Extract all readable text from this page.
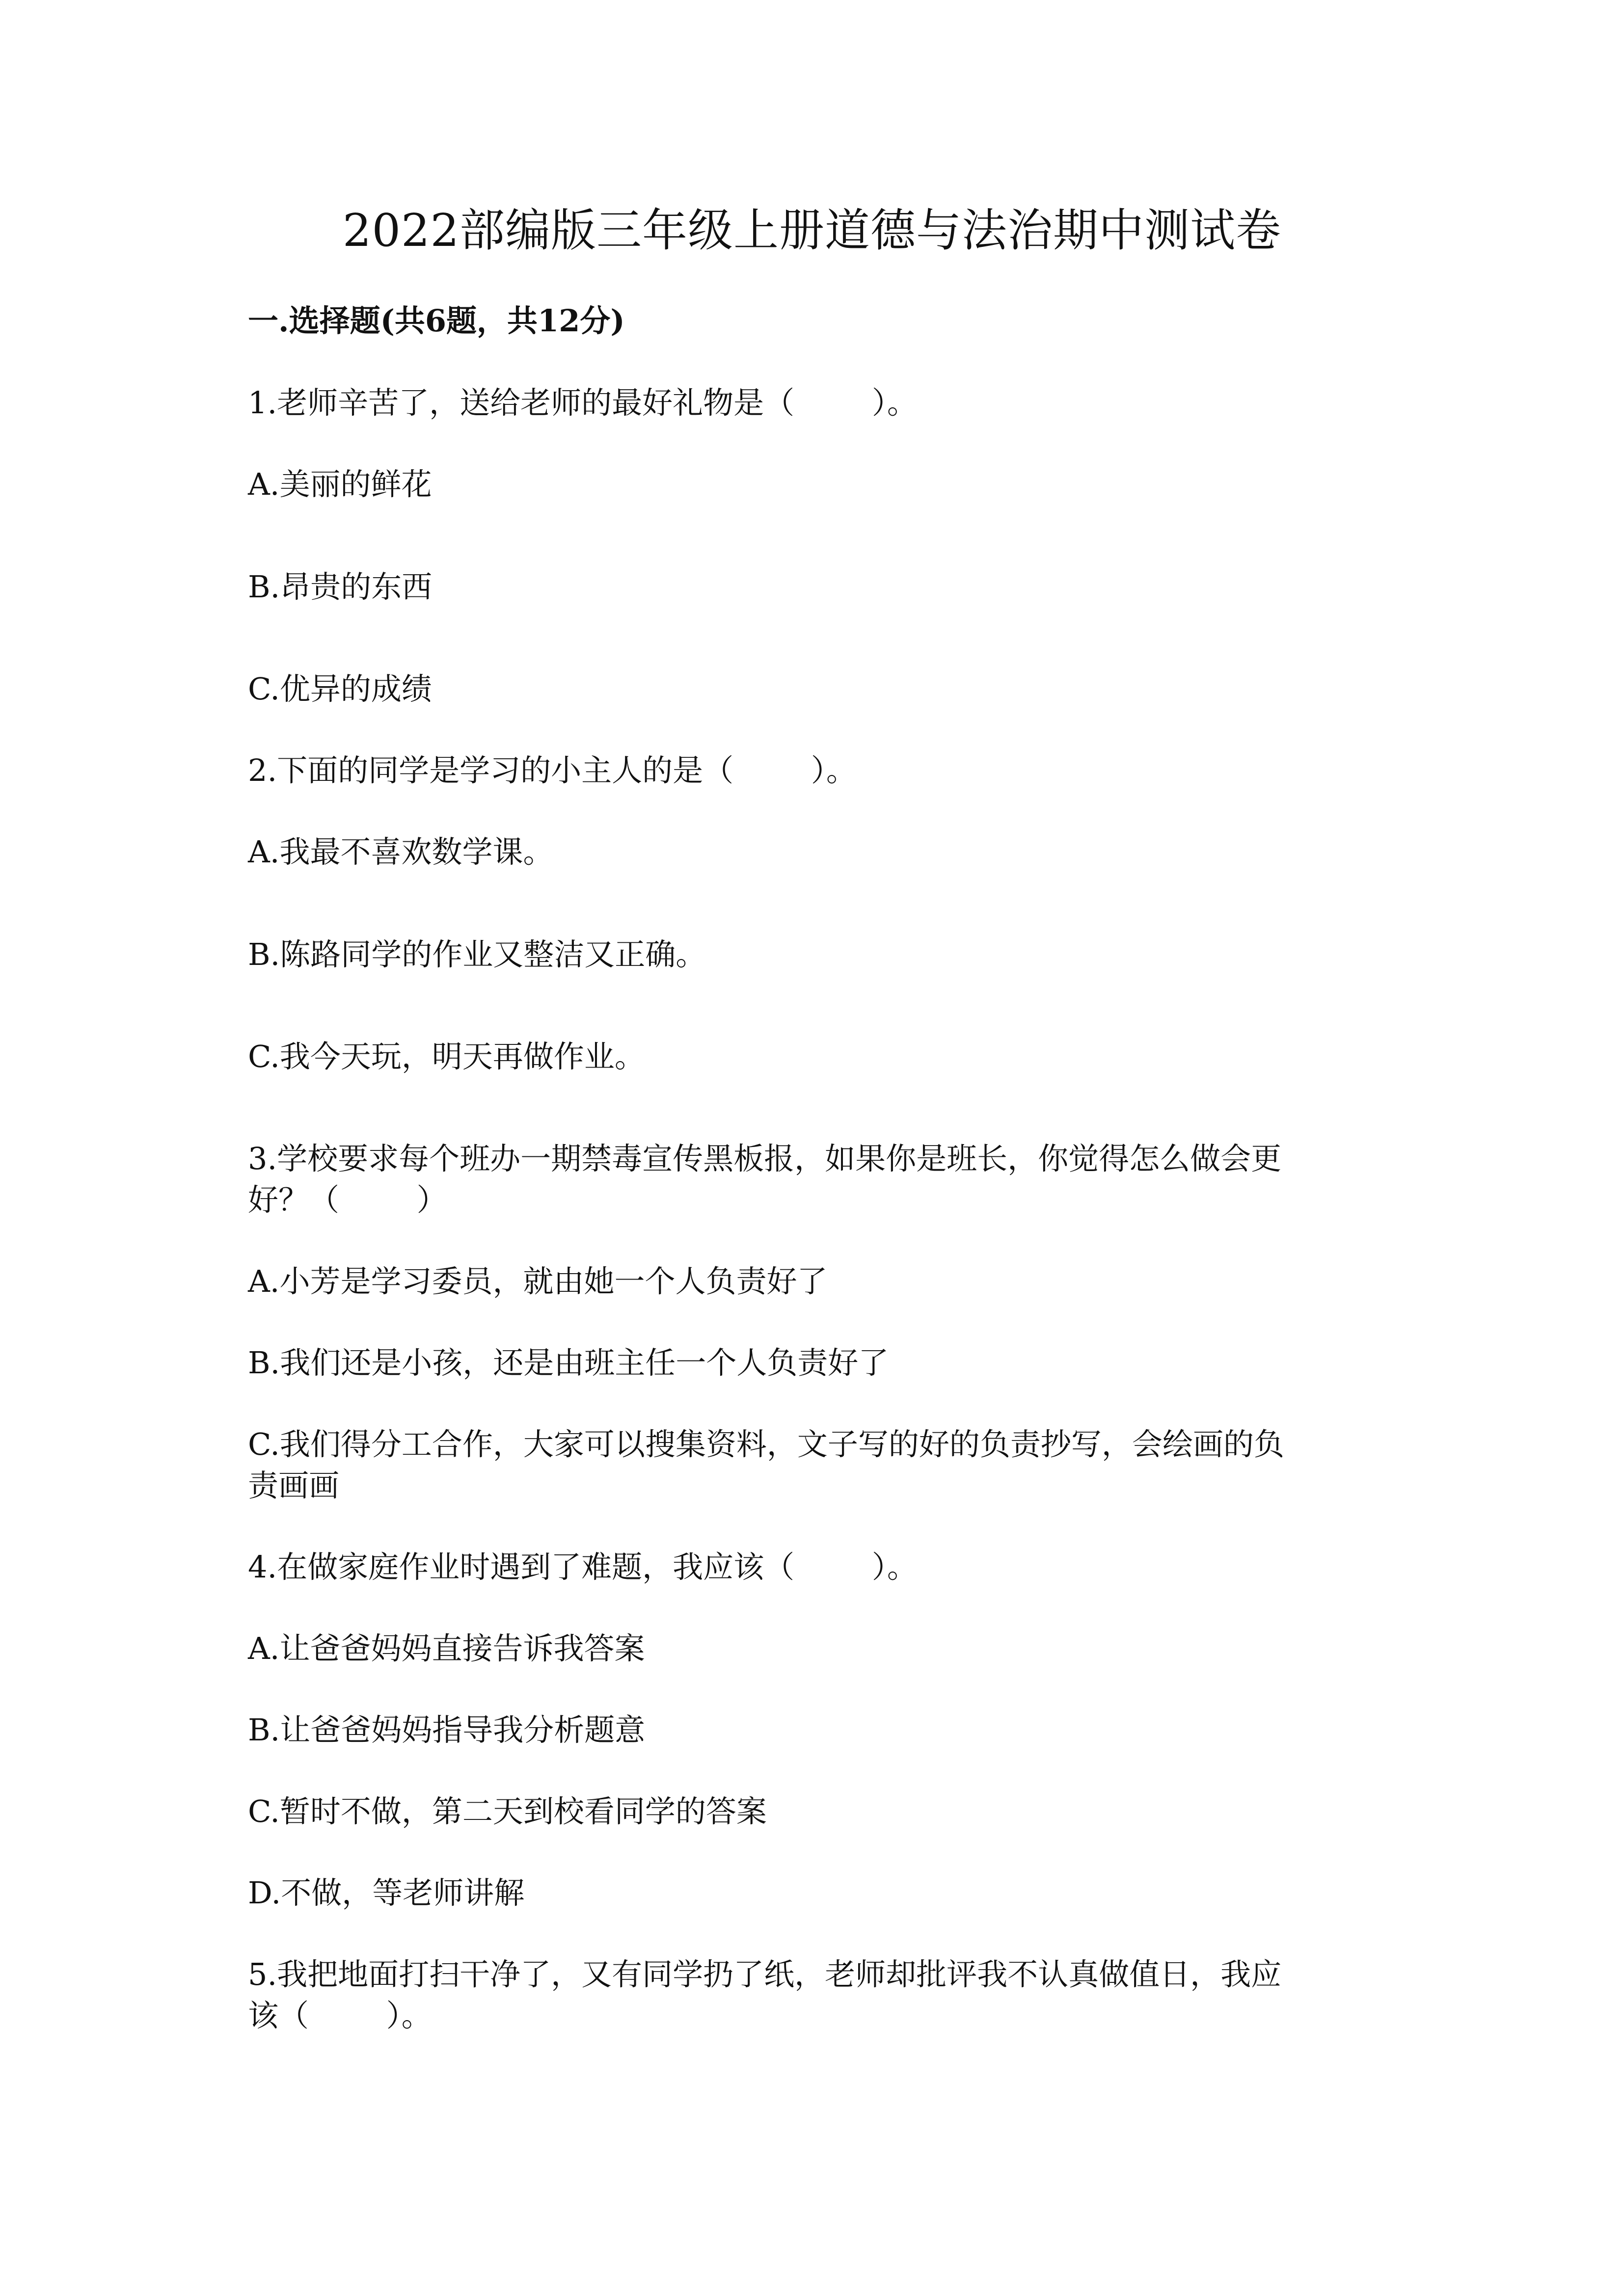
2022部编版三年级上册道德与法治期中测试卷
一.选择题(共6题，共12分)
1.老师辛苦了，送给老师的最好礼物是（        ）。
A.美丽的鲜花
B.昂贵的东西
C.优异的成绩
2.下面的同学是学习的小主人的是（        ）。
A.我最不喜欢数学课。
B.陈路同学的作业又整洁又正确。
C.我今天玩，明天再做作业。
3.学校要求每个班办一期禁毒宣传黑板报，如果你是班长，你觉得怎么做会更
好？（        ）
A.小芳是学习委员，就由她一个人负责好了
B.我们还是小孩，还是由班主任一个人负责好了
C.我们得分工合作，大家可以搜集资料，文子写的好的负责抄写，会绘画的负
责画画
4.在做家庭作业时遇到了难题，我应该（        ）。
A.让爸爸妈妈直接告诉我答案
B.让爸爸妈妈指导我分析题意
C.暂时不做，第二天到校看同学的答案
D.不做，等老师讲解
5.我把地面打扫干净了，又有同学扔了纸，老师却批评我不认真做值日，我应
该（        ）。
